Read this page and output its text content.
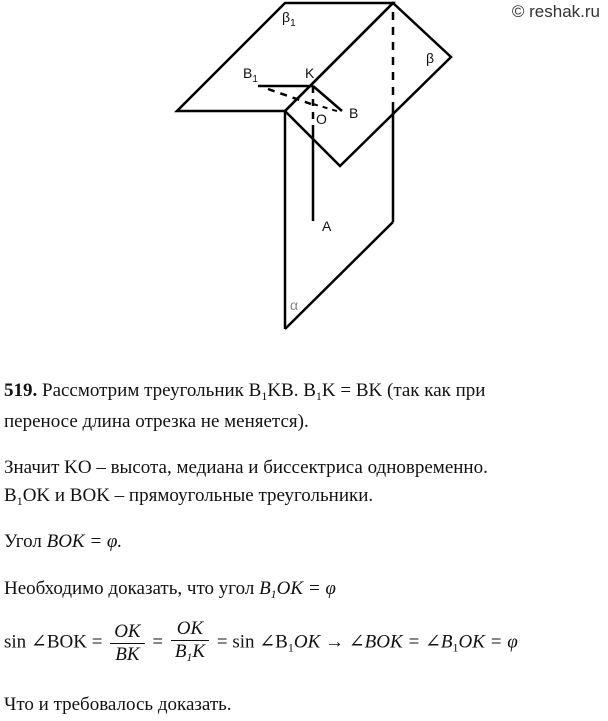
© reshak.ru
$\beta_1$
β
$B_1$	K
O B
A
α
519. Рассмотрим треугольник $B_1KB$. $B_1K$ = BK (так как при
переносе длина отрезка не меняется).
Значит KO – высота, медиана и биссектриса одновременно.
$B_1OK$ и BOK – прямоугольные треугольники.
Угол BOK = φ.
Необходимо доказать, что угол $B_1OK = \varphi$
sin ∠BOK = $\frac{OK}{BK} = \frac{OK}{B_1K} = \sin$ $\angle B_1OK$ → ∠BOK = $\angle B_1OK = \varphi$
Что и требовалось доказать.
